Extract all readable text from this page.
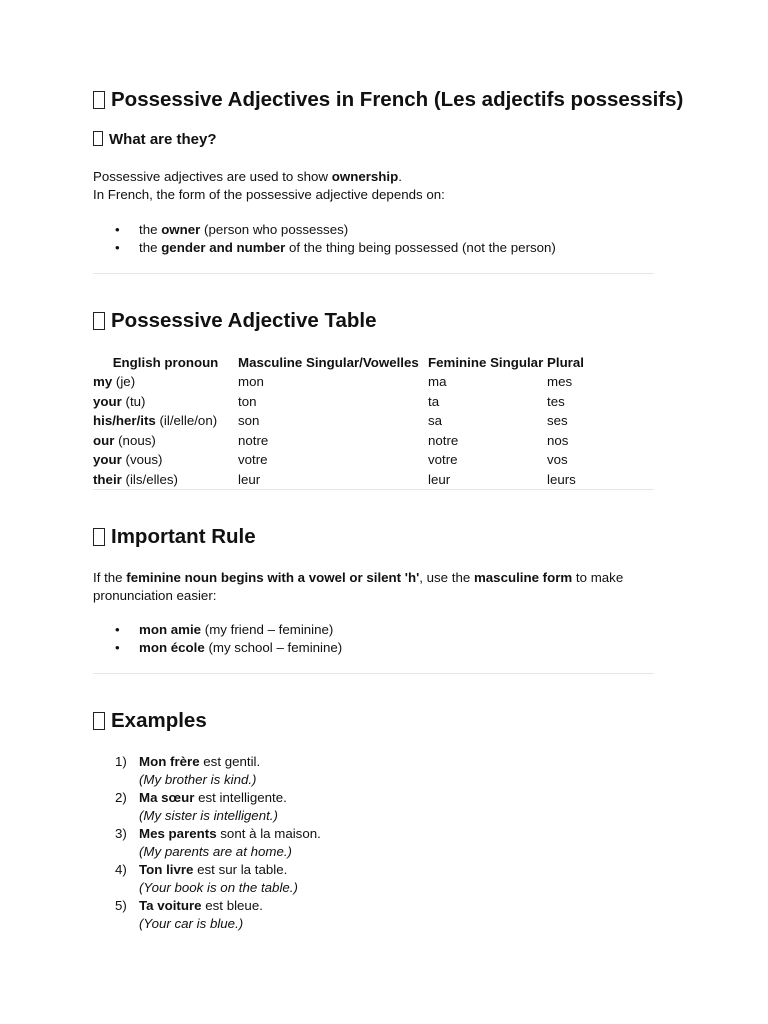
Possessive Adjectives in French (Les adjectifs possessifs)
What are they?

Possessive adjectives are used to show ownership.
In French, the form of the possessive adjective depends on:

• the owner (person who possesses)
• the gender and number of the thing being possessed (not the person)
Possessive Adjective Table
English pronoun	Masculine Singular/Vowelles	Feminine Singular	Plural
my (je)	mon	ma	mes
your (tu)	ton	ta	tes
his/her/its (il/elle/on)	son	sa	ses
our (nous)	notre	notre	nos
your (vous)	votre	votre	vos
their (ils/elles)	leur	leur	leurs
Important Rule

If the feminine noun begins with a vowel or silent 'h', use the masculine form to make pronunciation easier:

• mon amie (my friend – feminine)
• mon école (my school – feminine)
Examples
1) Mon frère est gentil.
(My brother is kind.)
2) Ma sœur est intelligente.
(My sister is intelligent.)
3) Mes parents sont à la maison.
(My parents are at home.)
4) Ton livre est sur la table.
(Your book is on the table.)
5) Ta voiture est bleue.
(Your car is blue.)
